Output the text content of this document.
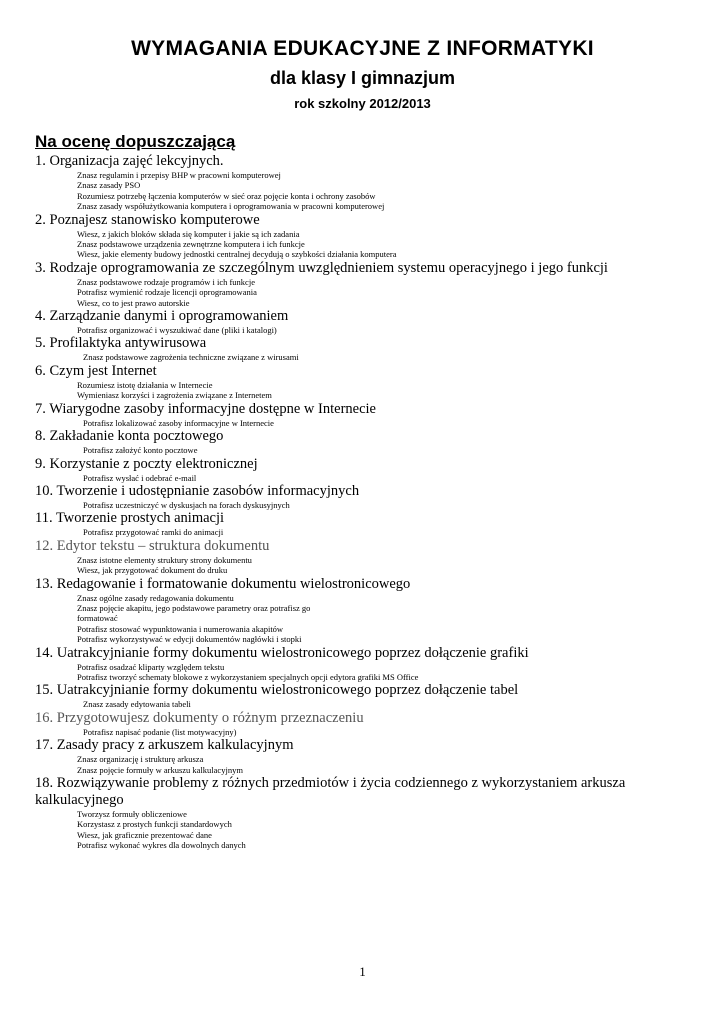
WYMAGANIA EDUKACYJNE Z INFORMATYKI
dla klasy I gimnazjum
rok szkolny 2012/2013
Na ocenę dopuszczającą
1. Organizacja zajęć lekcyjnych.
Znasz regulamin i przepisy BHP w pracowni komputerowej
Znasz zasady PSO
Rozumiesz potrzebę łączenia komputerów w sieć oraz pojęcie konta i ochrony zasobów
Znasz zasady współużytkowania komputera i oprogramowania w pracowni komputerowej
2. Poznajesz stanowisko komputerowe
Wiesz, z jakich bloków składa się komputer i jakie są ich zadania
Znasz podstawowe urządzenia zewnętrzne komputera i ich funkcje
Wiesz, jakie elementy budowy jednostki centralnej decydują o szybkości działania komputera
3. Rodzaje oprogramowania ze szczególnym uwzględnieniem systemu operacyjnego i jego funkcji
Znasz podstawowe rodzaje programów i ich funkcje
Potrafisz wymienić rodzaje licencji oprogramowania
Wiesz, co to jest prawo autorskie
4. Zarządzanie danymi i oprogramowaniem
Potrafisz organizować i wyszukiwać dane (pliki i katalogi)
5. Profilaktyka antywirusowa
Znasz podstawowe zagrożenia techniczne związane z wirusami
6. Czym jest Internet
Rozumiesz istotę działania w Internecie
Wymieniasz korzyści i zagrożenia związane z Internetem
7. Wiarygodne zasoby informacyjne dostępne w Internecie
Potrafisz lokalizować zasoby informacyjne w Internecie
8. Zakładanie konta pocztowego
Potrafisz założyć konto pocztowe
9. Korzystanie z poczty elektronicznej
Potrafisz wysłać i odebrać e-mail
10. Tworzenie i udostępnianie zasobów informacyjnych
Potrafisz uczestniczyć w dyskusjach na forach dyskusyjnych
11. Tworzenie prostych animacji
Potrafisz przygotować ramki do animacji
12. Edytor tekstu – struktura dokumentu
Znasz istotne elementy struktury strony dokumentu
Wiesz, jak przygotować dokument do druku
13. Redagowanie i formatowanie dokumentu wielostronicowego
Znasz ogólne zasady redagowania dokumentu
Znasz pojęcie akapitu, jego podstawowe parametry oraz potrafisz go
formatować
Potrafisz stosować wypunktowania i numerowania akapitów
Potrafisz wykorzystywać w edycji dokumentów nagłówki i stopki
14. Uatrakcyjnianie formy dokumentu wielostronicowego poprzez dołączenie grafiki
Potrafisz osadzać kliparty względem tekstu
Potrafisz tworzyć schematy blokowe z wykorzystaniem specjalnych opcji edytora grafiki MS Office
15. Uatrakcyjnianie formy dokumentu wielostronicowego poprzez dołączenie tabel
Znasz zasady edytowania tabeli
16. Przygotowujesz dokumenty o różnym przeznaczeniu
Potrafisz napisać podanie (list motywacyjny)
17. Zasady pracy z arkuszem kalkulacyjnym
Znasz organizację i strukturę arkusza
Znasz pojęcie formuły w arkuszu kalkulacyjnym
18. Rozwiązywanie problemy z różnych przedmiotów i życia codziennego z wykorzystaniem arkusza kalkulacyjnego
Tworzysz formuły obliczeniowe
Korzystasz z prostych funkcji standardowych
Wiesz, jak graficznie prezentować dane
Potrafisz wykonać wykres dla dowolnych danych
1
